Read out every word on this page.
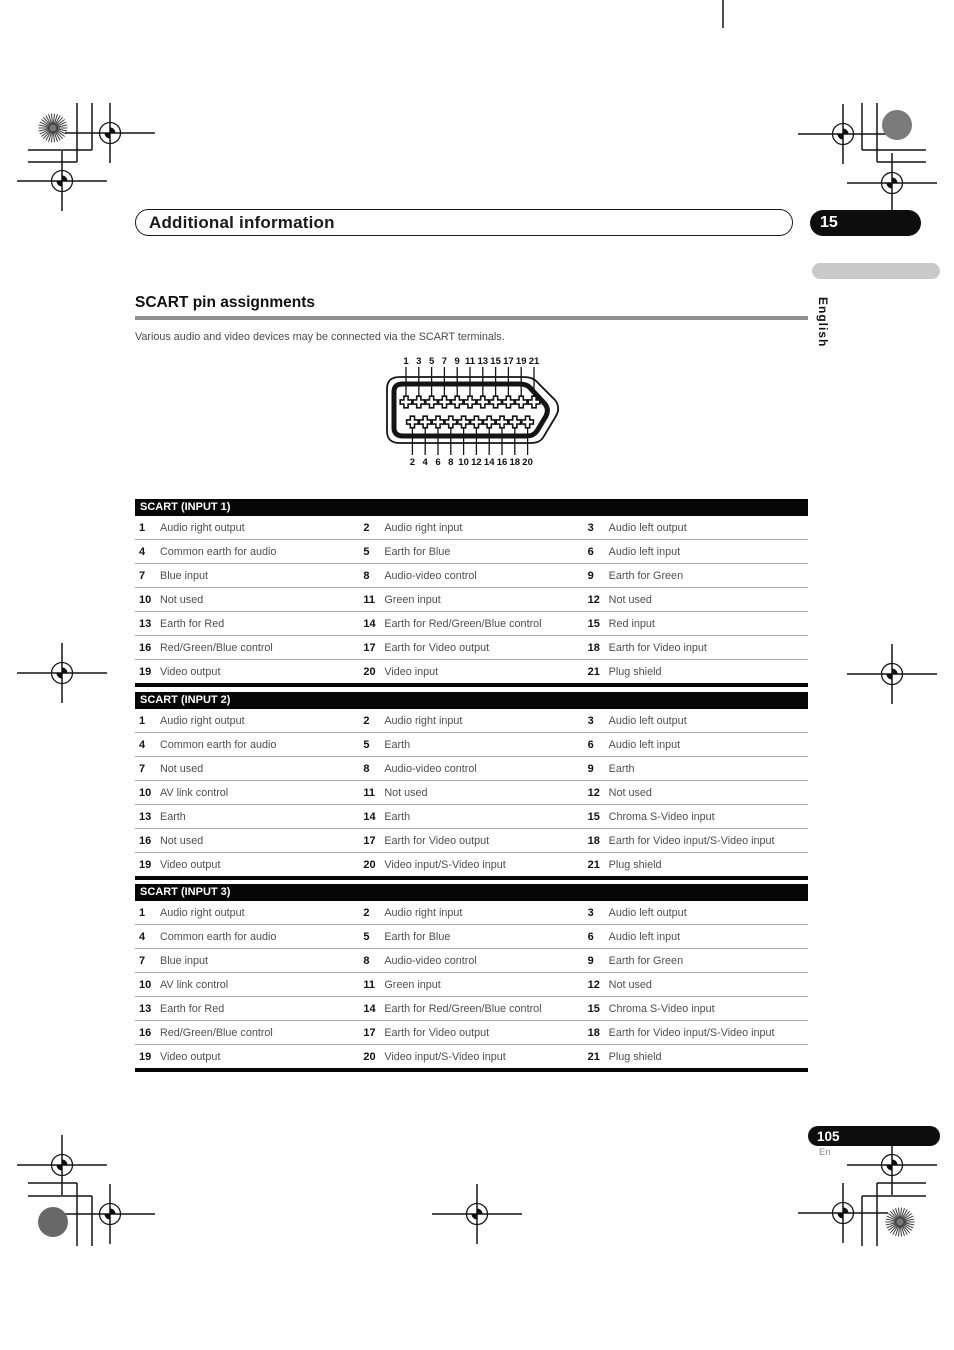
Additional information	15
English
SCART pin assignments
Various audio and video devices may be connected via the SCART terminals.
1 3 5 7 9 11 13 15 17 19 21
2 4 6 8 10 12 14 16 18 20
SCART (INPUT 1)
1	Audio right output	2	Audio right input	3	Audio left output
4	Common earth for audio	5	Earth for Blue	6	Audio left input
7	Blue input	8	Audio-video control	9	Earth for Green
10 Not used	11 Green input	12 Not used
13 Earth for Red	14 Earth for Red/Green/Blue control	15 Red input
16 Red/Green/Blue control	17 Earth for Video output	18 Earth for Video input
19 Video output	20 Video input	21 Plug shield
SCART (INPUT 2)
1	Audio right output	2	Audio right input	3	Audio left output
4	Common earth for audio	5	Earth	6	Audio left input
7	Not used	8	Audio-video control	9	Earth
10 AV link control	11 Not used	12 Not used
13 Earth	14 Earth	15 Chroma S-Video input
16 Not used	17 Earth for Video output	18 Earth for Video input/S-Video input
19 Video output	20 Video input/S-Video input	21 Plug shield
SCART (INPUT 3)
1	Audio right output	2	Audio right input	3	Audio left output
4	Common earth for audio	5	Earth for Blue	6	Audio left input
7	Blue input	8	Audio-video control	9	Earth for Green
10 AV link control	11 Green input	12 Not used
13 Earth for Red	14 Earth for Red/Green/Blue control	15 Chroma S-Video input
16 Red/Green/Blue control	17 Earth for Video output	18 Earth for Video input/S-Video input
19 Video output	20 Video input/S-Video input	21 Plug shield
105
En
